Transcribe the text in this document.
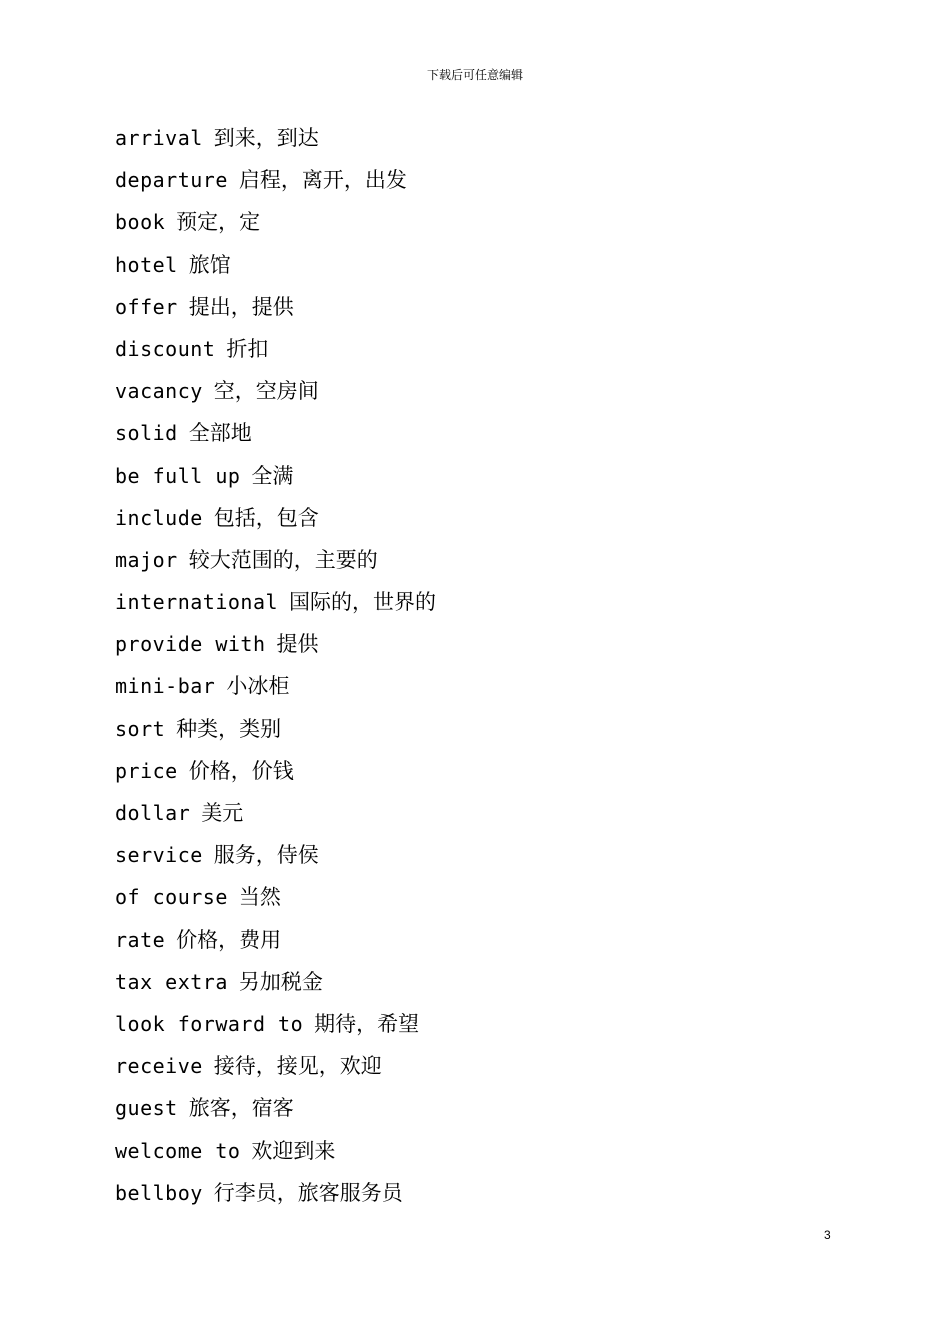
下载后可任意编辑
arrival 到来，到达
departure 启程，离开，出发
book 预定，定
hotel 旅馆
offer 提出，提供
discount 折扣
vacancy 空，空房间
solid 全部地
be full up 全满
include 包括，包含
major 较大范围的，主要的
international 国际的，世界的
provide with 提供
mini-bar 小冰柜
sort 种类，类别
price 价格，价钱
dollar 美元
service 服务，侍侯
of course 当然
rate 价格，费用
tax extra 另加税金
look forward to 期待，希望
receive 接待，接见，欢迎
guest 旅客，宿客
welcome to 欢迎到来
bellboy 行李员，旅客服务员
3
